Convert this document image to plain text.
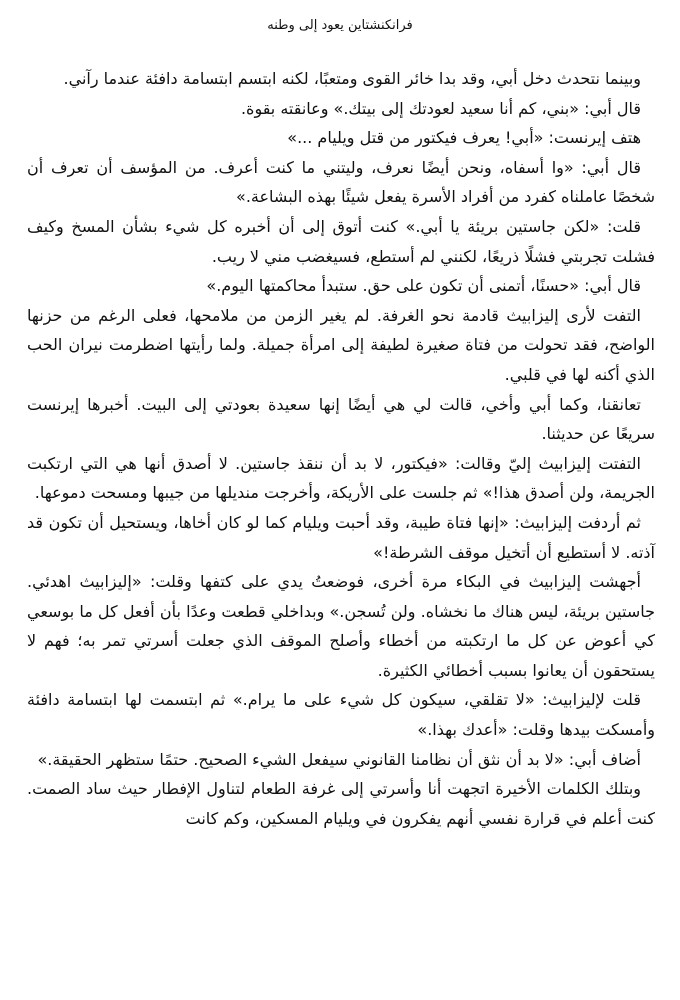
فرانكنشتاين يعود إلى وطنه

وبينما نتحدث دخل أبي، وقد بدا خائر القوى ومتعبًا، لكنه ابتسم ابتسامة دافئة عندما رآني.

قال أبي: «بني، كم أنا سعيد لعودتك إلى بيتك.» وعانقته بقوة.

هتف إيرنست: «أبي! يعرف فيكتور من قتل ويليام ...»

قال أبي: «وا أسفاه، ونحن أيضًا نعرف، وليتني ما كنت أعرف. من المؤسف أن تعرف أن شخصًا عاملناه كفرد من أفراد الأسرة يفعل شيئًا بهذه البشاعة.»

قلت: «لكن جاستين بريئة يا أبي.» كنت أتوق إلى أن أخبره كل شيء بشأن المسخ وكيف فشلت تجربتي فشلًا ذريعًا، لكنني لم أستطع، فسيغضب مني لا ريب.

قال أبي: «حسنًا، أتمنى أن تكون على حق. ستبدأ محاكمتها اليوم.»

التفت لأرى إليزابيث قادمة نحو الغرفة. لم يغير الزمن من ملامحها، فعلى الرغم من حزنها الواضح، فقد تحولت من فتاة صغيرة لطيفة إلى امرأة جميلة. ولما رأيتها اضطرمت نيران الحب الذي أكنه لها في قلبي.

تعانقنا، وكما أبي وأخي، قالت لي هي أيضًا إنها سعيدة بعودتي إلى البيت. أخبرها إيرنست سريعًا عن حديثنا.

التفتت إليزابيث إليّ وقالت: «فيكتور، لا بد أن ننقذ جاستين. لا أصدق أنها هي التي ارتكبت الجريمة، ولن أصدق هذا!» ثم جلست على الأريكة، وأخرجت منديلها من جيبها ومسحت دموعها.

ثم أردفت إليزابيث: «إنها فتاة طيبة، وقد أحبت ويليام كما لو كان أخاها، ويستحيل أن تكون قد آذته. لا أستطيع أن أتخيل موقف الشرطة!»

أجهشت إليزابيث في البكاء مرة أخرى، فوضعتُ يدي على كتفها وقلت: «إليزابيث اهدئي. جاستين بريئة، ليس هناك ما نخشاه. ولن تُسجن.» وبداخلي قطعت وعدًا بأن أفعل كل ما بوسعي كي أعوض عن كل ما ارتكبته من أخطاء وأصلح الموقف الذي جعلت أسرتي تمر به؛ فهم لا يستحقون أن يعانوا بسبب أخطائي الكثيرة.

قلت لإليزابيث: «لا تقلقي، سيكون كل شيء على ما يرام.» ثم ابتسمت لها ابتسامة دافئة وأمسكت بيدها وقلت: «أعدك بهذا.»

أضاف أبي: «لا بد أن نثق أن نظامنا القانوني سيفعل الشيء الصحيح. حتمًا ستظهر الحقيقة.»

وبتلك الكلمات الأخيرة اتجهت أنا وأسرتي إلى غرفة الطعام لتناول الإفطار حيث ساد الصمت. كنت أعلم في قرارة نفسي أنهم يفكرون في ويليام المسكين، وكم كانت
